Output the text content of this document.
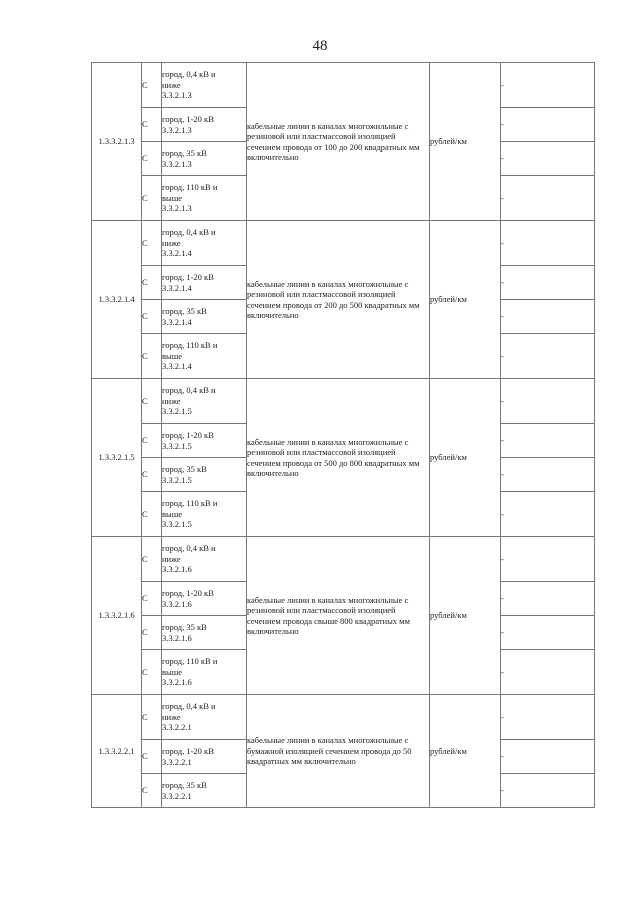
48
1.3.3.2.1.3	С	город, 0,4 кВ и
ниже
3.3.2.1.3	кабельные линии в каналах многожильные с резиновой или пластмассовой изоляцией сечением провода от 100 до 200 квадратных мм включительно	рублей/км	-
	С	город, 1-20 кВ
3.3.2.1.3			-
	С	город, 35 кВ
3.3.2.1.3			-
	С	город, 110 кВ и
выше
3.3.2.1.3			-
1.3.3.2.1.4	С	город, 0,4 кВ и
ниже
3.3.2.1.4	кабельные линии в каналах многожильные с резиновой или пластмассовой изоляцией сечением провода от 200 до 500 квадратных мм включительно	рублей/км	-
	С	город, 1-20 кВ
3.3.2.1.4			-
	С	город, 35 кВ
3.3.2.1.4			-
	С	город, 110 кВ и
выше
3.3.2.1.4			-
1.3.3.2.1.5	С	город, 0,4 кВ и
ниже
3.3.2.1.5	кабельные линии в каналах многожильные с резиновой или пластмассовой изоляцией сечением провода от 500 до 800 квадратных мм включительно	рублей/км	-
	С	город, 1-20 кВ
3.3.2.1.5			-
	С	город, 35 кВ
3.3.2.1.5			-
	С	город, 110 кВ и
выше
3.3.2.1.5			-
1.3.3.2.1.6	С	город, 0,4 кВ и
ниже
3.3.2.1.6	кабельные линии в каналах многожильные с резиновой или пластмассовой изоляцией сечением провода свыше 800 квадратных мм включительно	рублей/км	-
	С	город, 1-20 кВ
3.3.2.1.6			-
	С	город, 35 кВ
3.3.2.1.6			-
	С	город, 110 кВ и
выше
3.3.2.1.6			-
1.3.3.2.2.1	С	город, 0,4 кВ и
ниже
3.3.2.2.1	кабельные линии в каналах многожильные с бумажной изоляцией сечением провода до 50 квадратных мм включительно	рублей/км	-
	С	город, 1-20 кВ
3.3.2.2.1			-
	С	город, 35 кВ
3.3.2.2.1			-
